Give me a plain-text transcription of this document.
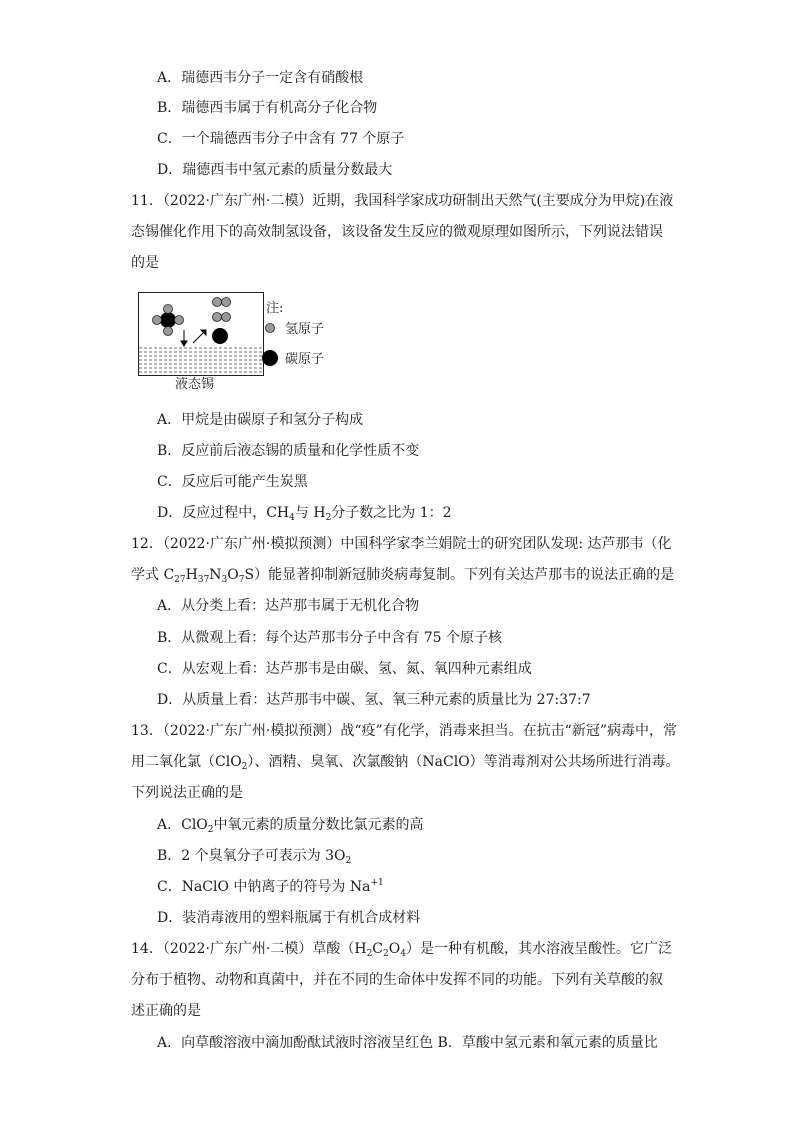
A．瑞德西韦分子一定含有硝酸根
B．瑞德西韦属于有机高分子化合物
C．一个瑞德西韦分子中含有 77 个原子
D．瑞德西韦中氢元素的质量分数最大
11．（2022·广东广州·二模）近期，我国科学家成功研制出天然气(主要成分为甲烷)在液
态锡催化作用下的高效制氢设备，该设备发生反应的微观原理如图所示，下列说法错误
的是
注:
氢原子
碳原子
液态锡
A．甲烷是由碳原子和氢分子构成
B．反应前后液态锡的质量和化学性质不变
C．反应后可能产生炭黑
D．反应过程中，$CH_4$与 $H_2$分子数之比为 1：2
12．（2022·广东广州·模拟预测）中国科学家李兰娟院士的研究团队发现: 达芦那韦（化
学式 $C_{27}H_{37}N_3O_7S$）能显著抑制新冠肺炎病毒复制。下列有关达芦那韦的说法正确的是
A．从分类上看：达芦那韦属于无机化合物
B．从微观上看：每个达芦那韦分子中含有 75 个原子核
C．从宏观上看：达芦那韦是由碳、氢、氮、氧四种元素组成
D．从质量上看：达芦那韦中碳、氢、氧三种元素的质量比为 27:37:7
13．（2022·广东广州·模拟预测）战“疫”有化学，消毒来担当。在抗击“新冠”病毒中，常
用二氧化氯（ClO$_2$）、酒精、臭氧、次氯酸钠（NaClO）等消毒剂对公共场所进行消毒。
下列说法正确的是
A．ClO$_2$中氧元素的质量分数比氯元素的高
B．2 个臭氧分子可表示为 $3O_2$
C．NaClO 中钠离子的符号为 $Na^{+1}$
D．装消毒液用的塑料瓶属于有机合成材料
14．（2022·广东广州·二模）草酸$(H_2C_2O_4)$是一种有机酸，其水溶液呈酸性。它广泛
分布于植物、动物和真菌中，并在不同的生命体中发挥不同的功能。下列有关草酸的叙
述正确的是
A．向草酸溶液中滴加酚酞试液时溶液呈红色 B．草酸中氢元素和氧元素的质量比
